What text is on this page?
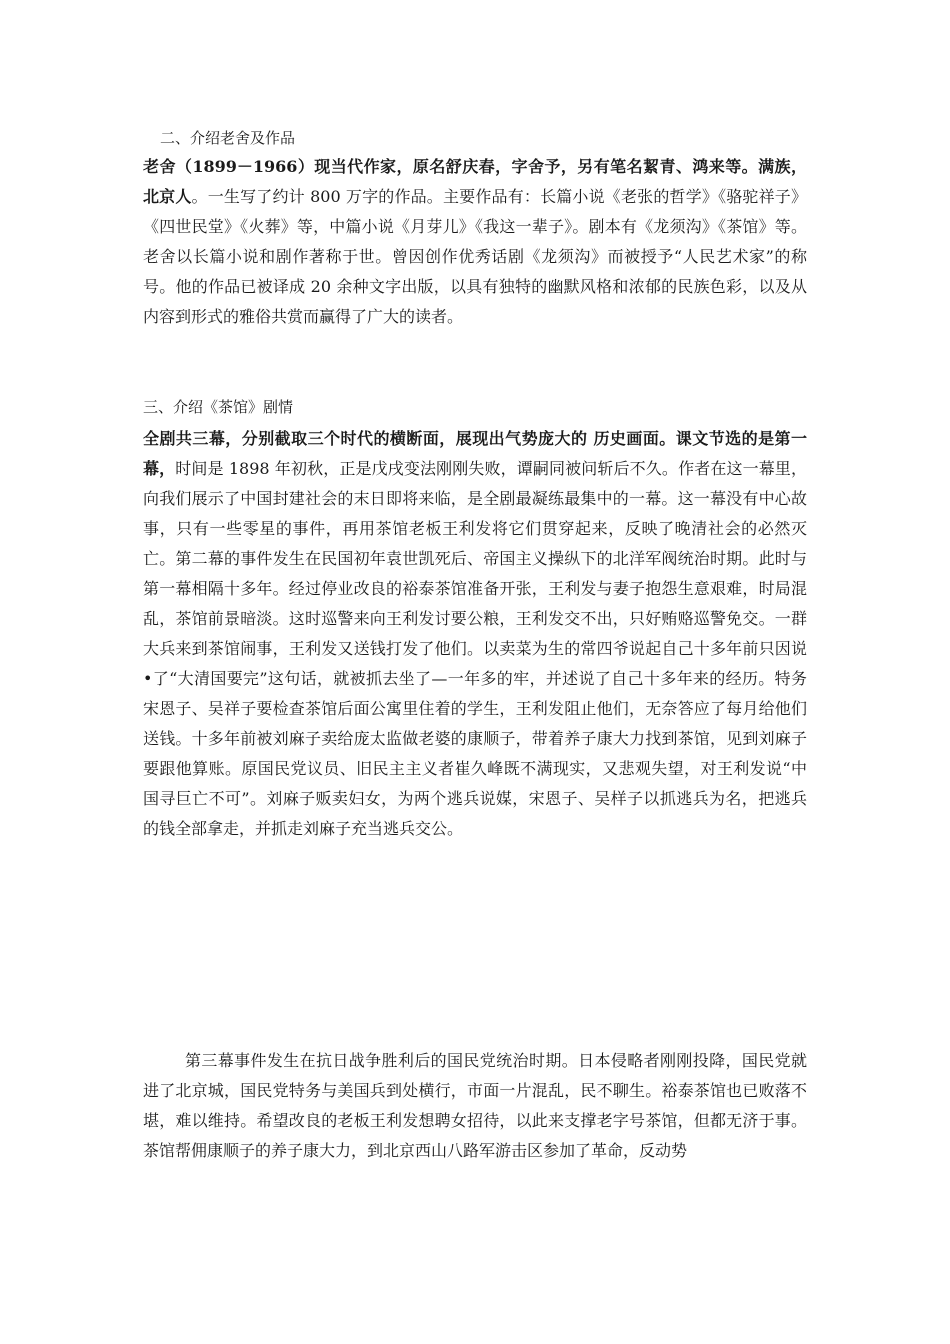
二、介绍老舍及作品
老舍（1899－1966）现当代作家，原名舒庆春，字舍予，另有笔名絜青、鸿来等。满族，北京人。一生写了约计 800 万字的作品。主要作品有：长篇小说《老张的哲学》《骆驼祥子》《四世民堂》《火葬》等，中篇小说《月芽儿》《我这一辈子》。剧本有《龙须沟》《茶馆》等。老舍以长篇小说和剧作著称于世。曾因创作优秀话剧《龙须沟》而被授予“人民艺术家”的称号。他的作品已被译成 20 余种文字出版，以具有独特的幽默风格和浓郁的民族色彩，以及从内容到形式的雅俗共赏而赢得了广大的读者。
三、介绍《茶馆》剧情
全剧共三幕，分别截取三个时代的横断面，展现出气势庞大的 历史画面。课文节选的是第一幕，时间是 1898 年初秋，正是戊戌变法刚刚失败，谭嗣同被问斩后不久。作者在这一幕里，向我们展示了中国封建社会的末日即将来临，是全剧最凝练最集中的一幕。这一幕没有中心故事，只有一些零星的事件，再用茶馆老板王利发将它们贯穿起来，反映了晚清社会的必然灭亡。第二幕的事件发生在民国初年袁世凯死后、帝国主义操纵下的北洋军阀统治时期。此时与第一幕相隔十多年。经过停业改良的裕泰茶馆准备开张，王利发与妻子抱怨生意艰难，时局混乱，茶馆前景暗淡。这时巡警来向王利发讨要公粮，王利发交不出，只好贿赂巡警免交。一群大兵来到茶馆闹事，王利发又送钱打发了他们。以卖菜为生的常四爷说起自己十多年前只因说•了“大清国要完”这句话，就被抓去坐了—一年多的牢，并述说了自己十多年来的经历。特务宋恩子、吴祥子要检查茶馆后面公寓里住着的学生，王利发阻止他们，无奈答应了每月给他们送钱。十多年前被刘麻子卖给庞太监做老婆的康顺子，带着养子康大力找到茶馆，见到刘麻子要跟他算账。原国民党议员、旧民主主义者崔久峰既不满现实，又悲观失望，对王利发说“中国寻巨亡不可”。刘麻子贩卖妇女，为两个逃兵说媒，宋恩子、吴样子以抓逃兵为名，把逃兵的钱全部拿走，并抓走刘麻子充当逃兵交公。
第三幕事件发生在抗日战争胜利后的国民党统治时期。日本侵略者刚刚投降，国民党就进了北京城，国民党特务与美国兵到处横行，市面一片混乱，民不聊生。裕泰茶馆也已败落不堪，难以维持。希望改良的老板王利发想聘女招待，以此来支撑老字号茶馆，但都无济于事。茶馆帮佣康顺子的养子康大力，到北京西山八路军游击区参加了革命，反动势
